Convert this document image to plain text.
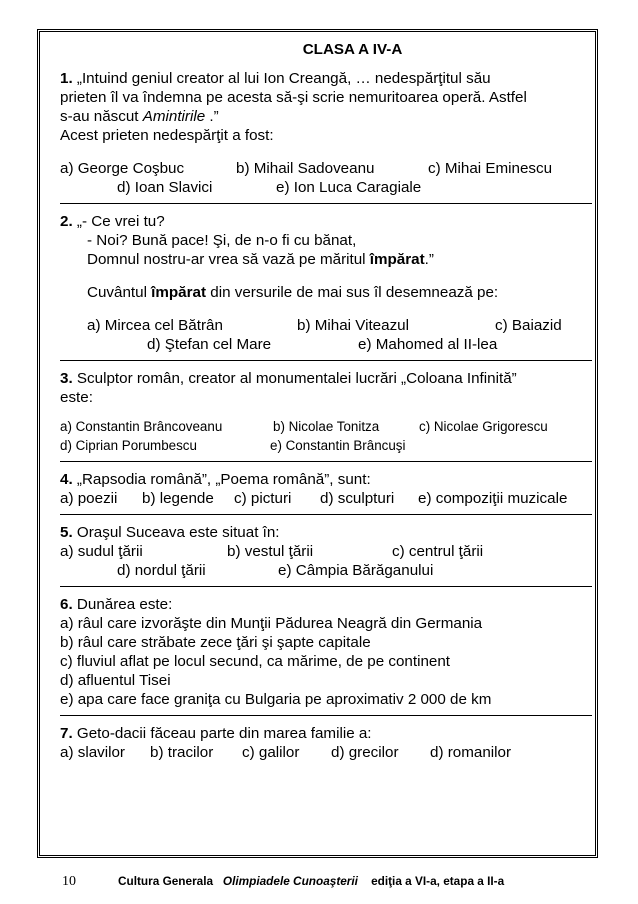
CLASA A IV-A
1. „Intuind geniul creator al lui Ion Creangă, … nedespărţitul său
prieten îl va îndemna pe acesta să-şi scrie nemuritoarea operă. Astfel
s-au născut Amintirile .”
Acest prieten nedespărţit a fost:
a) George Coşbuc	b) Mihail Sadoveanu	c) Mihai Eminescu
d) Ioan Slavici	e) Ion Luca Caragiale
2. „- Ce vrei tu?
- Noi? Bună pace! Şi, de n-o fi cu bănat,
Domnul nostru-ar vrea să vază pe măritul împărat.”
Cuvântul împărat din versurile de mai sus îl desemnează pe:
a) Mircea cel Bătrân	b) Mihai Viteazul	c) Baiazid
d) Ştefan cel Mare	e) Mahomed al II-lea
3. Sculptor român, creator al monumentalei lucrări „Coloana Infinită”
este:
a) Constantin Brâncoveanu	b) Nicolae Tonitza	c) Nicolae Grigorescu
d) Ciprian Porumbescu	e) Constantin Brâncuşi
4. „Rapsodia română”, „Poema română”, sunt:
a) poezii	b) legende	c) picturi	d) sculpturi	e) compoziţii muzicale
5. Oraşul Suceava este situat în:
a) sudul ţării	b) vestul ţării	c) centrul ţării
d) nordul ţării	e) Câmpia Bărăganului
6. Dunărea este:
a) râul care izvorăşte din Munţii Pădurea Neagră din Germania
b) râul care străbate zece ţări şi şapte capitale
c) fluviul aflat pe locul secund, ca mărime, de pe continent
d) afluentul Tisei
e) apa care face graniţa cu Bulgaria pe aproximativ 2 000 de km
7. Geto-dacii făceau parte din marea familie a:
a) slavilor	b) tracilor	c) galilor	d) grecilor	d) romanilor
10	Cultura Generala Olimpiadele Cunoaşterii ediţia a VI-a, etapa a II-a
